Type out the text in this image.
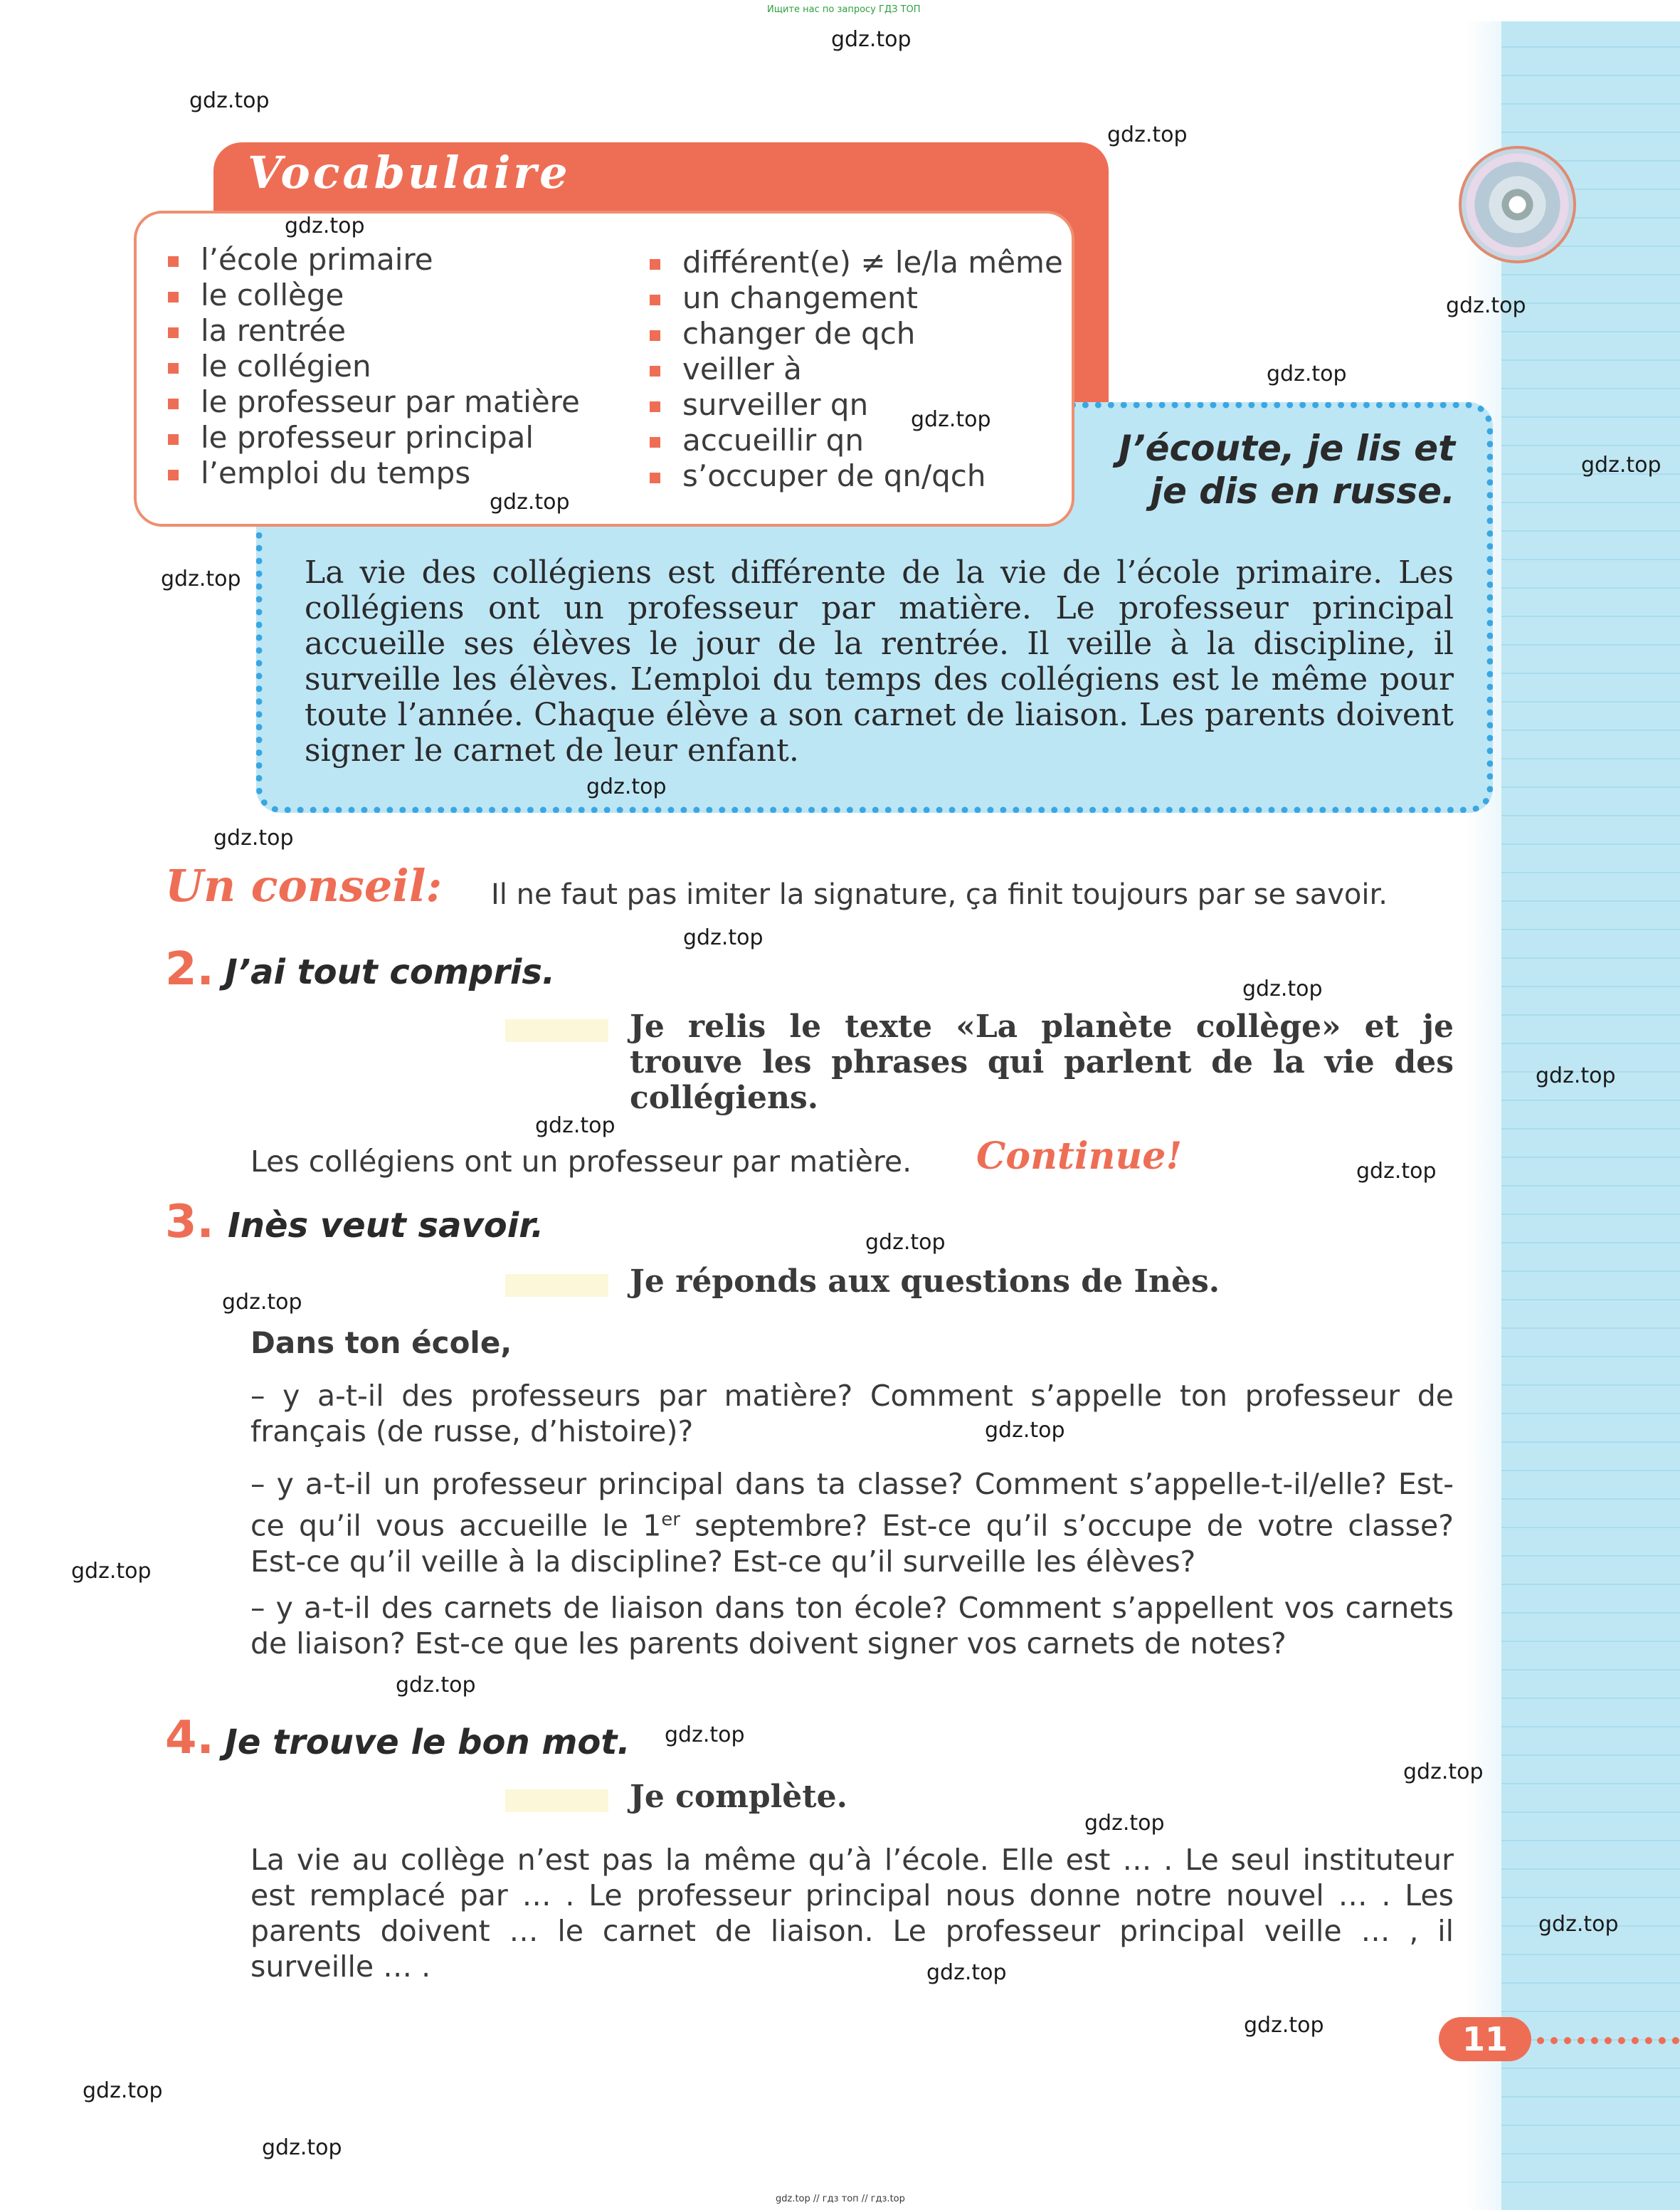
Ищите нас по запросу ГДЗ ТОП
gdz.top // гдз топ // гдз.top
Vocabulaire
J’écoute, je lis et
je dis en russe.
l’école primaire
le collège
la rentrée
le collégien
le professeur par matière
le professeur principal
l’emploi du temps
différent(e) ≠ le/la même
un changement
changer de qch
veiller à
surveiller qn
accueillir qn
s’occuper de qn/qch
La vie des collégiens est différente de la vie de l’école primaire. Les collégiens ont un professeur par matière. Le professeur principal accueille ses élèves le jour de la rentrée. Il veille à la discipline, il surveille les élèves. L’emploi du temps des collégiens est le même pour toute l’année. Chaque élève a son carnet de liaison. Les parents doivent signer le carnet de leur enfant.
Un conseil: Il ne faut pas imiter la signature, ça finit toujours par se savoir.
2. J’ai tout compris.
Je relis le texte «La planète collège» et je trouve les phrases qui parlent de la vie des collégiens.
Les collégiens ont un professeur par matière. Continue!
3. Inès veut savoir.
Je réponds aux questions de Inès.
Dans ton école,
– y a-t-il des professeurs par matière? Comment s’appelle ton professeur de français (de russe, d’histoire)?
– y a-t-il un professeur principal dans ta classe? Comment s’appelle-t-il/elle? Est-ce qu’il vous accueille le 1er septembre? Est-ce qu’il s’occupe de votre classe? Est-ce qu’il veille à la discipline? Est-ce qu’il surveille les élèves?
– y a-t-il des carnets de liaison dans ton école? Comment s’appellent vos carnets de liaison? Est-ce que les parents doivent signer vos carnets de notes?
4. Je trouve le bon mot.
Je complète.
La vie au collège n’est pas la même qu’à l’école. Elle est … . Le seul instituteur est remplacé par … . Le professeur principal nous donne notre nouvel … . Les parents doivent … le carnet de liaison. Le professeur principal veille … , il surveille … .
11
gdz.top
gdz.top
gdz.top
gdz.top
gdz.top
gdz.top
gdz.top
gdz.top
gdz.top
gdz.top
gdz.top
gdz.top
gdz.top
gdz.top
gdz.top
gdz.top
gdz.top
gdz.top
gdz.top
gdz.top
gdz.top
gdz.top
gdz.top
gdz.top
gdz.top
gdz.top
gdz.top
gdz.top
gdz.top
gdz.top
